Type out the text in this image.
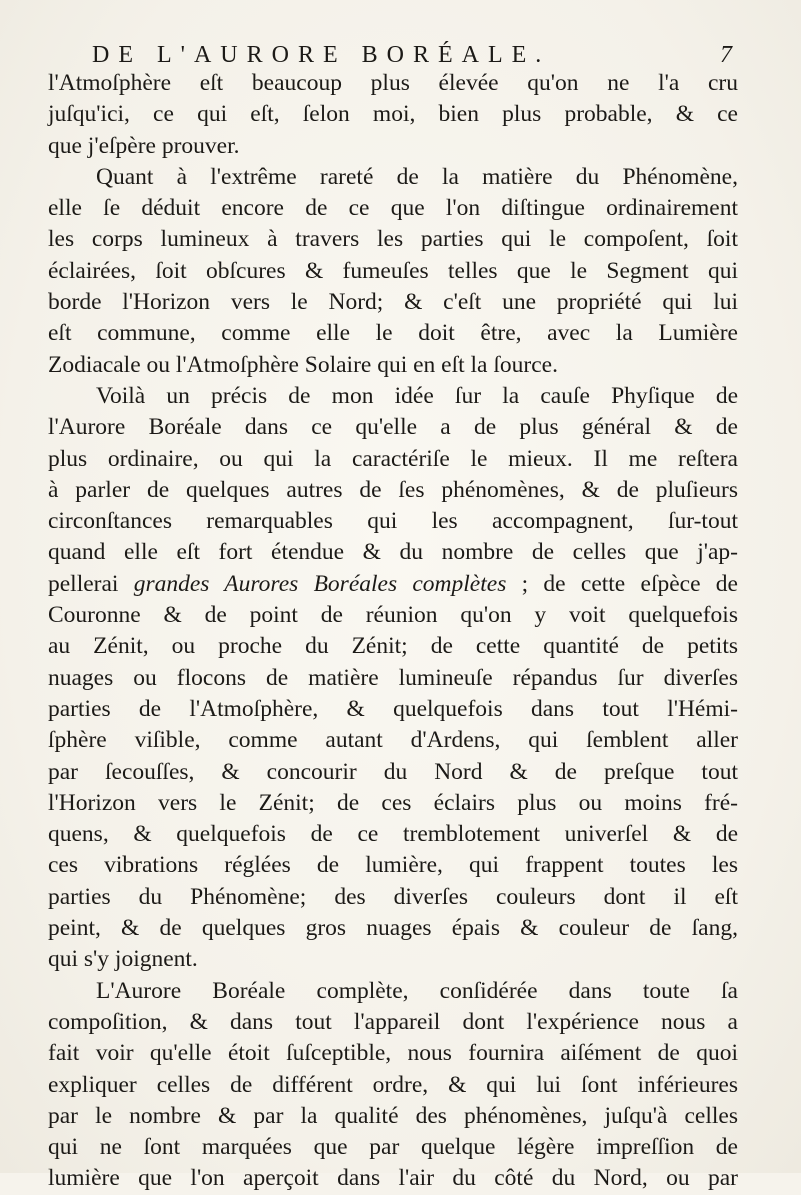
DE L'AURORE BORÉALE.	7
l'Atmoſphère eſt beaucoup plus élevée qu'on ne l'a cru
juſqu'ici, ce qui eſt, ſelon moi, bien plus probable, & ce
que j'eſpère prouver.
Quant à l'extrême rareté de la matière du Phénomène,
elle ſe déduit encore de ce que l'on diſtingue ordinairement
les corps lumineux à travers les parties qui le compoſent, ſoit
éclairées, ſoit obſcures & fumeuſes telles que le Segment qui
borde l'Horizon vers le Nord; & c'eſt une propriété qui lui
eſt commune, comme elle le doit être, avec la Lumière
Zodiacale ou l'Atmoſphère Solaire qui en eſt la ſource.
Voilà un précis de mon idée ſur la cauſe Phyſique de
l'Aurore Boréale dans ce qu'elle a de plus général & de
plus ordinaire, ou qui la caractériſe le mieux. Il me reſtera
à parler de quelques autres de ſes phénomènes, & de pluſieurs
circonſtances remarquables qui les accompagnent, ſur-tout
quand elle eſt fort étendue & du nombre de celles que j'ap-
pellerai grandes Aurores Boréales complètes ; de cette eſpèce de
Couronne & de point de réunion qu'on y voit quelquefois
au Zénit, ou proche du Zénit; de cette quantité de petits
nuages ou flocons de matière lumineuſe répandus ſur diverſes
parties de l'Atmoſphère, & quelquefois dans tout l'Hémi-
ſphère viſible, comme autant d'Ardens, qui ſemblent aller
par ſecouſſes, & concourir du Nord & de preſque tout
l'Horizon vers le Zénit; de ces éclairs plus ou moins fré-
quens, & quelquefois de ce tremblotement univerſel & de
ces vibrations réglées de lumière, qui frappent toutes les
parties du Phénomène; des diverſes couleurs dont il eſt
peint, & de quelques gros nuages épais & couleur de ſang,
qui s'y joignent.
L'Aurore Boréale complète, conſidérée dans toute ſa
compoſition, & dans tout l'appareil dont l'expérience nous a
fait voir qu'elle étoit ſuſceptible, nous fournira aiſément de quoi
expliquer celles de différent ordre, & qui lui ſont inférieures
par le nombre & par la qualité des phénomènes, juſqu'à celles
qui ne ſont marquées que par quelque légère impreſſion de
lumière que l'on aperçoit dans l'air du côté du Nord, ou par
